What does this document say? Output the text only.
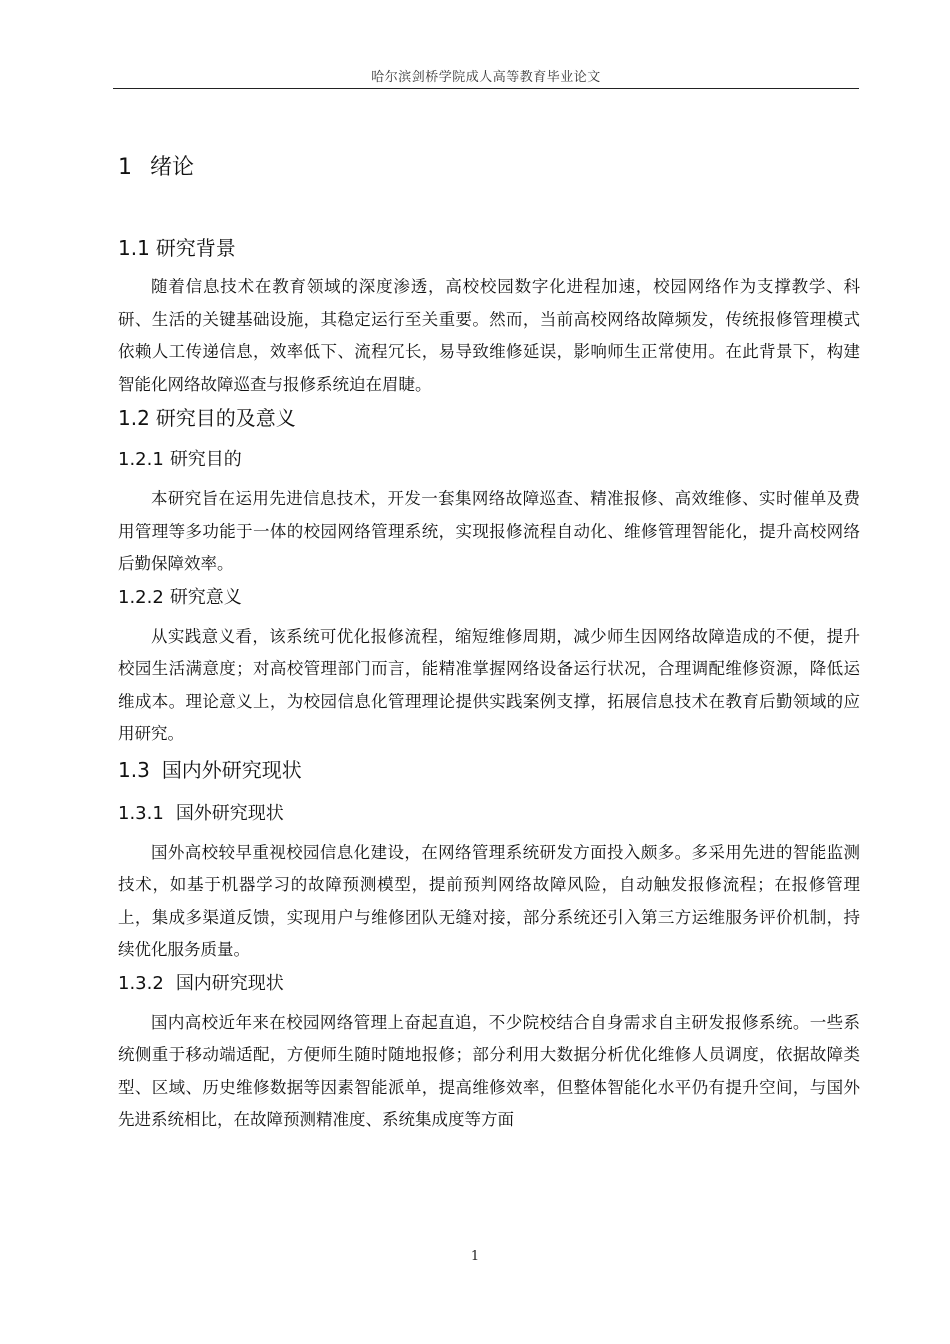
哈尔滨剑桥学院成人高等教育毕业论文
1 绪论
1.1 研究背景

随着信息技术在教育领域的深度渗透，高校校园数字化进程加速，校园网络作为支撑教学、科研、生活的关键基础设施，其稳定运行至关重要。然而，当前高校网络故障频发，传统报修管理模式依赖人工传递信息，效率低下、流程冗长，易导致维修延误，影响师生正常使用。在此背景下，构建智能化网络故障巡查与报修系统迫在眉睫。

1.2 研究目的及意义
1.2.1 研究目的

本研究旨在运用先进信息技术，开发一套集网络故障巡查、精准报修、高效维修、实时催单及费用管理等多功能于一体的校园网络管理系统，实现报修流程自动化、维修管理智能化，提升高校网络后勤保障效率。

1.2.2 研究意义

从实践意义看，该系统可优化报修流程，缩短维修周期，减少师生因网络故障造成的不便，提升校园生活满意度；对高校管理部门而言，能精准掌握网络设备运行状况，合理调配维修资源，降低运维成本。理论意义上，为校园信息化管理理论提供实践案例支撑，拓展信息技术在教育后勤领域的应用研究。

1.3 国内外研究现状
1.3.1 国外研究现状

国外高校较早重视校园信息化建设，在网络管理系统研发方面投入颇多。多采用先进的智能监测技术，如基于机器学习的故障预测模型，提前预判网络故障风险，自动触发报修流程；在报修管理上，集成多渠道反馈，实现用户与维修团队无缝对接，部分系统还引入第三方运维服务评价机制，持续优化服务质量。

1.3.2 国内研究现状

国内高校近年来在校园网络管理上奋起直追，不少院校结合自身需求自主研发报修系统。一些系统侧重于移动端适配，方便师生随时随地报修；部分利用大数据分析优化维修人员调度，依据故障类型、区域、历史维修数据等因素智能派单，提高维修效率，但整体智能化水平仍有提升空间，与国外先进系统相比，在故障预测精准度、系统集成度等方面

1
